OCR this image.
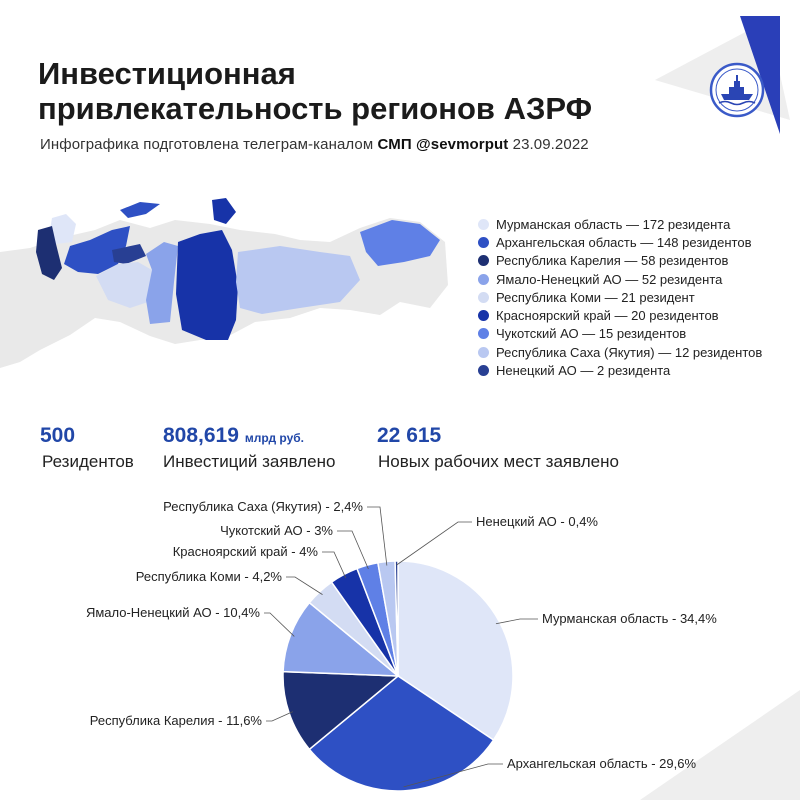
Инвестиционная
привлекательность регионов АЗРФ
Инфографика подготовлена телеграм-каналом СМП @sevmorput 23.09.2022
Мурманская область — 172 резидента
Архангельская область — 148 резидентов
Республика Карелия — 58 резидентов
Ямало-Ненецкий АО — 52 резидента
Республика Коми — 21 резидент
Красноярский край — 20 резидентов
Чукотский АО — 15 резидентов
Республика Саха (Якутия) — 12 резидентов
Ненецкий АО — 2 резидента
500
Резидентов
808,619 млрд руб.
Инвестиций заявлено
22 615
Новых рабочих мест заявлено
Мурманская область - 34,4%
Архангельская область - 29,6%
Республика Карелия - 11,6%
Ямало-Ненецкий АО - 10,4%
Республика Коми - 4,2%
Красноярский край - 4%
Чукотский АО - 3%
Республика Саха (Якутия) - 2,4%
Ненецкий АО - 0,4%
